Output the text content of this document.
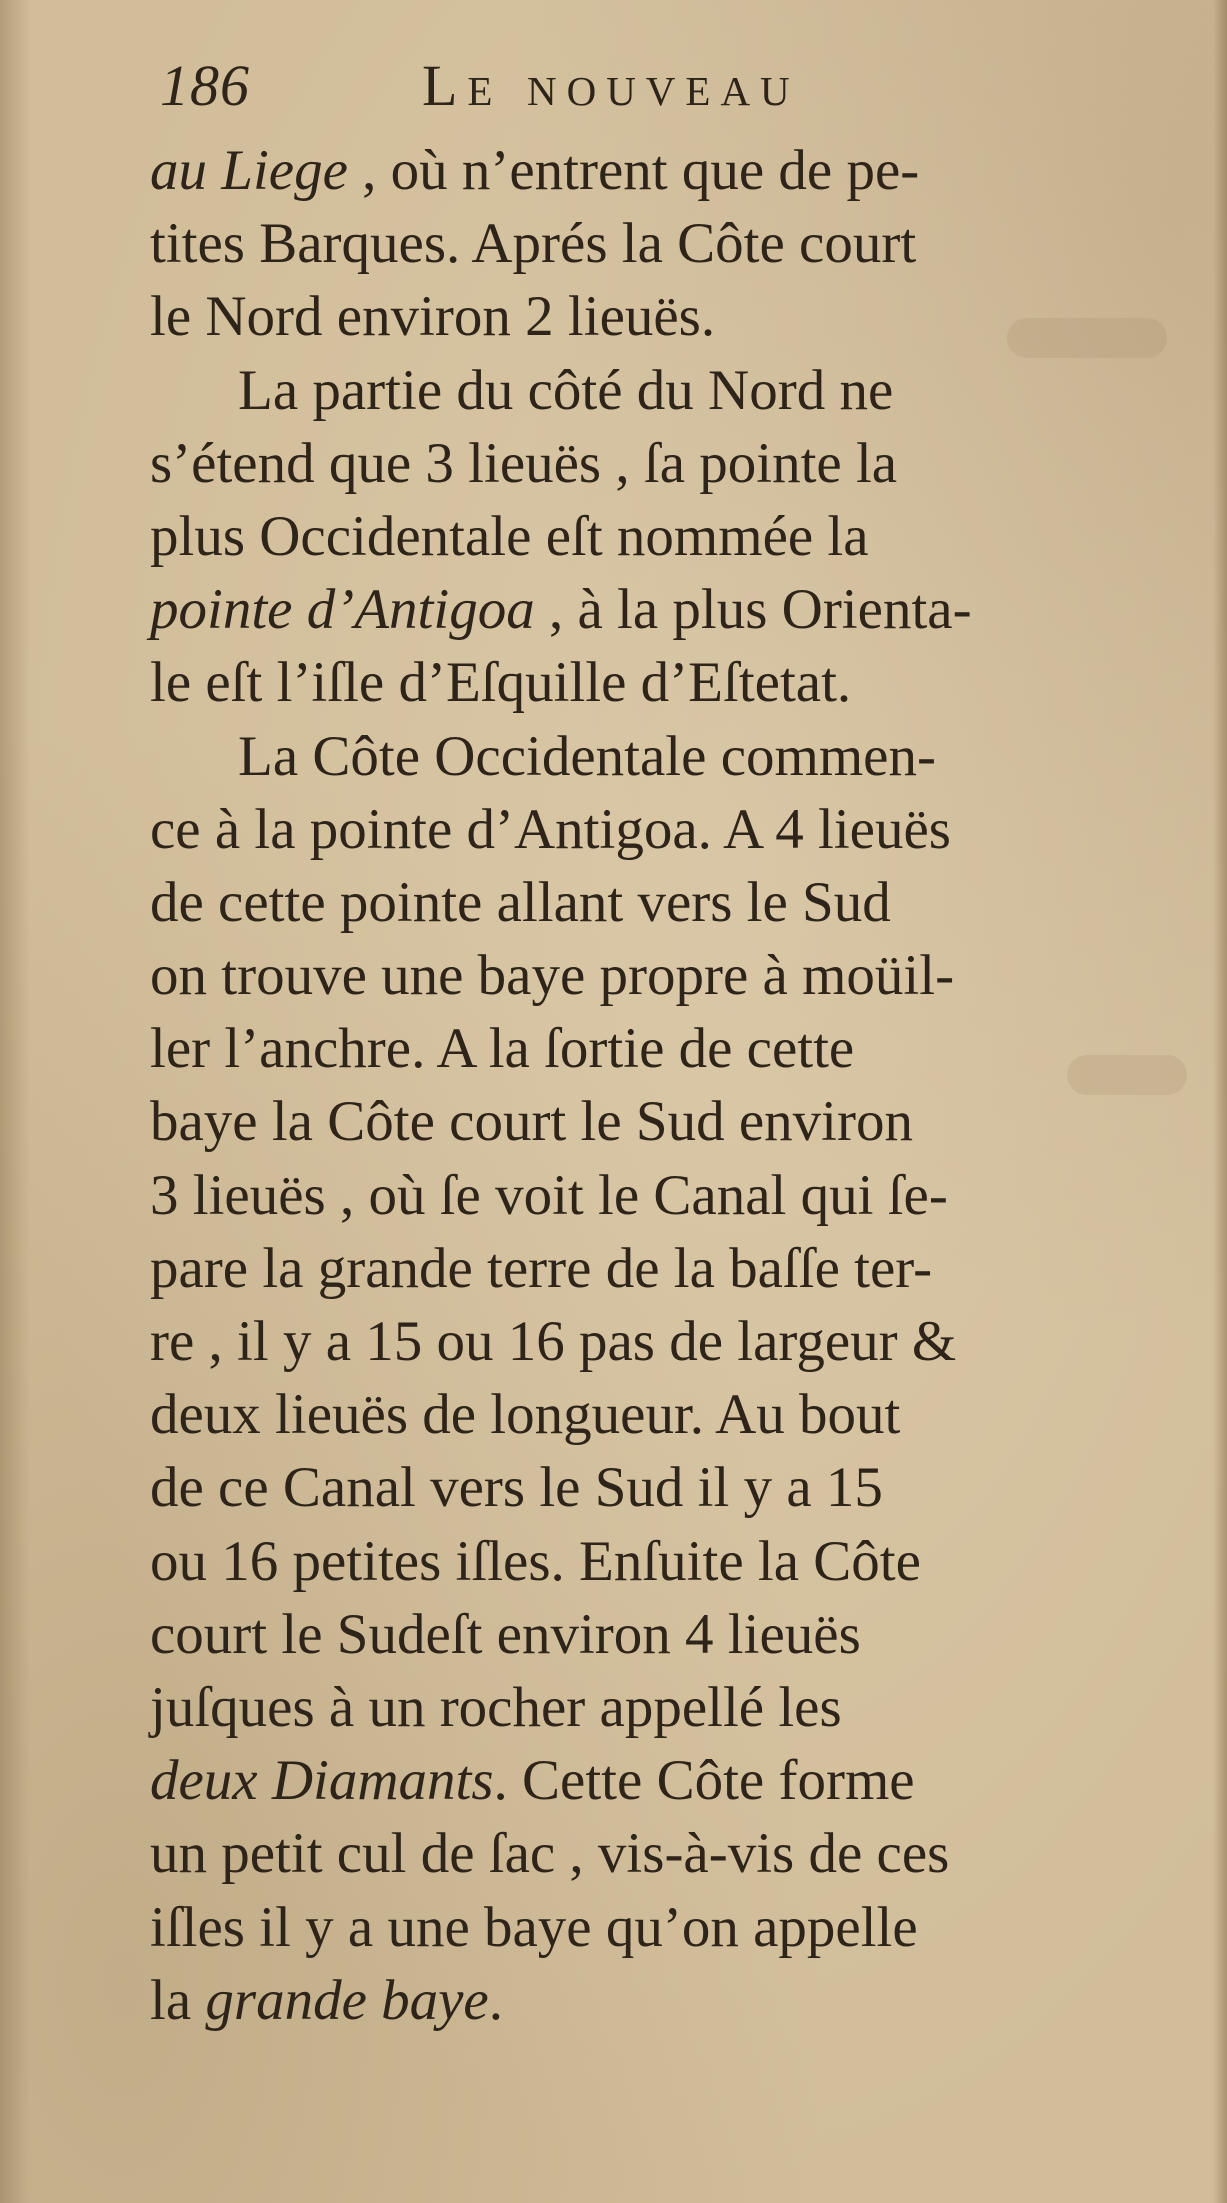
186	Le nouveau
au Liege , où n’entrent que de pe-
tites Barques. Aprés la Côte court
le Nord environ 2 lieuës.
La partie du côté du Nord ne
s’étend que 3 lieuës , ſa pointe la
plus Occidentale eſt nommée la
pointe d’Antigoa , à la plus Orienta-
le eſt l’iſle d’Eſquille d’Eſtetat.
La Côte Occidentale commen-
ce à la pointe d’Antigoa. A 4 lieuës
de cette pointe allant vers le Sud
on trouve une baye propre à moüil-
ler l’anchre. A la ſortie de cette
baye la Côte court le Sud environ
3 lieuës , où ſe voit le Canal qui ſe-
pare la grande terre de la baſſe ter-
re , il y a 15 ou 16 pas de largeur &
deux lieuës de longueur. Au bout
de ce Canal vers le Sud il y a 15
ou 16 petites iſles. Enſuite la Côte
court le Sudeſt environ 4 lieuës
juſques à un rocher appellé les
deux Diamants. Cette Côte forme
un petit cul de ſac , vis-à-vis de ces
iſles il y a une baye qu’on appelle
la grande baye.
